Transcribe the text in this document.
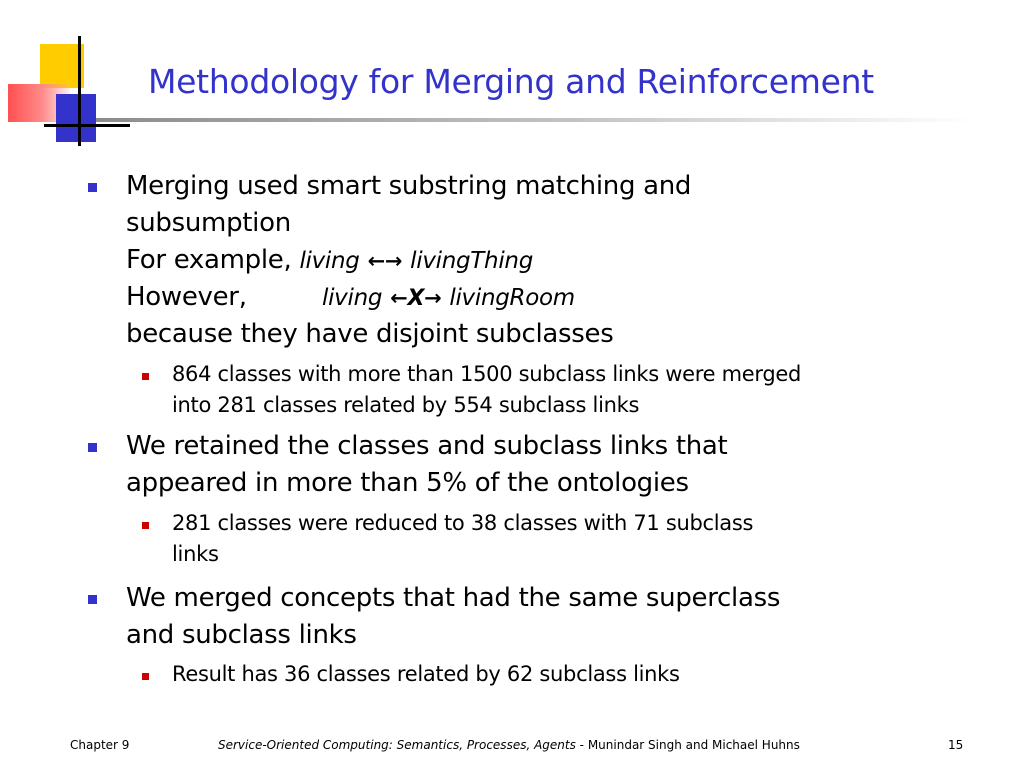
Methodology for Merging and Reinforcement
Merging used smart substring matching and
subsumption
For example, living ←→ livingThing
However,	living ←X→ livingRoom
because they have disjoint subclasses
864 classes with more than 1500 subclass links were merged
into 281 classes related by 554 subclass links
We retained the classes and subclass links that
appeared in more than 5% of the ontologies
281 classes were reduced to 38 classes with 71 subclass
links
We merged concepts that had the same superclass
and subclass links
Result has 36 classes related by 62 subclass links
Chapter 9	Service-Oriented Computing: Semantics, Processes, Agents - Munindar Singh and Michael Huhns	15
